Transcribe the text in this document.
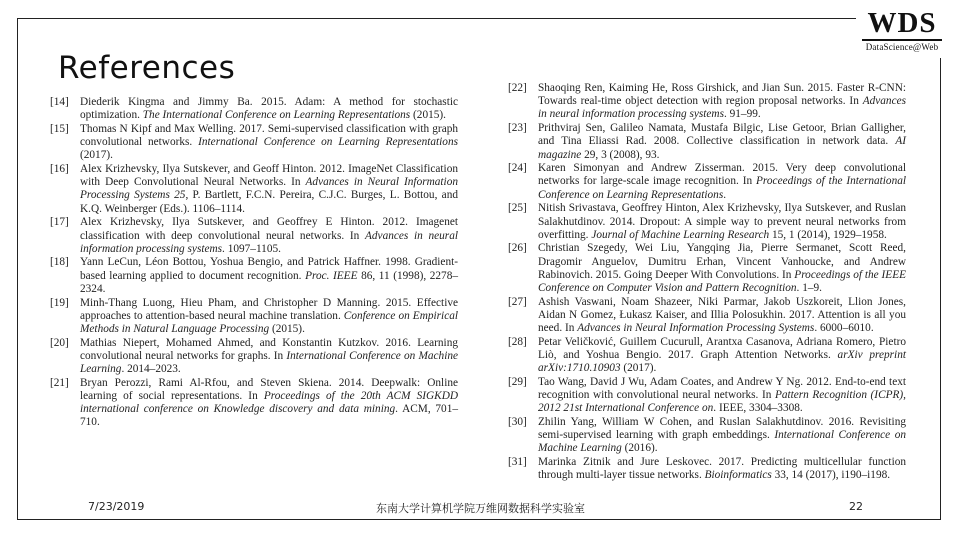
WDS
DataScience@Web
References
[14] Diederik Kingma and Jimmy Ba. 2015. Adam: A method for stochastic optimization. The International Conference on Learning Representations (2015).
[15] Thomas N Kipf and Max Welling. 2017. Semi-supervised classification with graph convolutional networks. International Conference on Learning Representations (2017).
[16] Alex Krizhevsky, Ilya Sutskever, and Geoff Hinton. 2012. ImageNet Classification with Deep Convolutional Neural Networks. In Advances in Neural Information Processing Systems 25, P. Bartlett, F.C.N. Pereira, C.J.C. Burges, L. Bottou, and K.Q. Weinberger (Eds.). 1106–1114.
[17] Alex Krizhevsky, Ilya Sutskever, and Geoffrey E Hinton. 2012. Imagenet classification with deep convolutional neural networks. In Advances in neural information processing systems. 1097–1105.
[18] Yann LeCun, Léon Bottou, Yoshua Bengio, and Patrick Haffner. 1998. Gradient-based learning applied to document recognition. Proc. IEEE 86, 11 (1998), 2278–2324.
[19] Minh-Thang Luong, Hieu Pham, and Christopher D Manning. 2015. Effective approaches to attention-based neural machine translation. Conference on Empirical Methods in Natural Language Processing (2015).
[20] Mathias Niepert, Mohamed Ahmed, and Konstantin Kutzkov. 2016. Learning convolutional neural networks for graphs. In International Conference on Machine Learning. 2014–2023.
[21] Bryan Perozzi, Rami Al-Rfou, and Steven Skiena. 2014. Deepwalk: Online learning of social representations. In Proceedings of the 20th ACM SIGKDD international conference on Knowledge discovery and data mining. ACM, 701–710.
[22] Shaoqing Ren, Kaiming He, Ross Girshick, and Jian Sun. 2015. Faster R-CNN: Towards real-time object detection with region proposal networks. In Advances in neural information processing systems. 91–99.
[23] Prithviraj Sen, Galileo Namata, Mustafa Bilgic, Lise Getoor, Brian Galligher, and Tina Eliassi Rad. 2008. Collective classification in network data. AI magazine 29, 3 (2008), 93.
[24] Karen Simonyan and Andrew Zisserman. 2015. Very deep convolutional networks for large-scale image recognition. In Proceedings of the International Conference on Learning Representations.
[25] Nitish Srivastava, Geoffrey Hinton, Alex Krizhevsky, Ilya Sutskever, and Ruslan Salakhutdinov. 2014. Dropout: A simple way to prevent neural networks from overfitting. Journal of Machine Learning Research 15, 1 (2014), 1929–1958.
[26] Christian Szegedy, Wei Liu, Yangqing Jia, Pierre Sermanet, Scott Reed, Dragomir Anguelov, Dumitru Erhan, Vincent Vanhoucke, and Andrew Rabinovich. 2015. Going Deeper With Convolutions. In Proceedings of the IEEE Conference on Computer Vision and Pattern Recognition. 1–9.
[27] Ashish Vaswani, Noam Shazeer, Niki Parmar, Jakob Uszkoreit, Llion Jones, Aidan N Gomez, Łukasz Kaiser, and Illia Polosukhin. 2017. Attention is all you need. In Advances in Neural Information Processing Systems. 6000–6010.
[28] Petar Veličković, Guillem Cucurull, Arantxa Casanova, Adriana Romero, Pietro Liò, and Yoshua Bengio. 2017. Graph Attention Networks. arXiv preprint arXiv:1710.10903 (2017).
[29] Tao Wang, David J Wu, Adam Coates, and Andrew Y Ng. 2012. End-to-end text recognition with convolutional neural networks. In Pattern Recognition (ICPR), 2012 21st International Conference on. IEEE, 3304–3308.
[30] Zhilin Yang, William W Cohen, and Ruslan Salakhutdinov. 2016. Revisiting semi-supervised learning with graph embeddings. International Conference on Machine Learning (2016).
[31] Marinka Zitnik and Jure Leskovec. 2017. Predicting multicellular function through multi-layer tissue networks. Bioinformatics 33, 14 (2017), i190–i198.
7/23/2019	东南大学计算机学院万维网数据科学实验室	22
